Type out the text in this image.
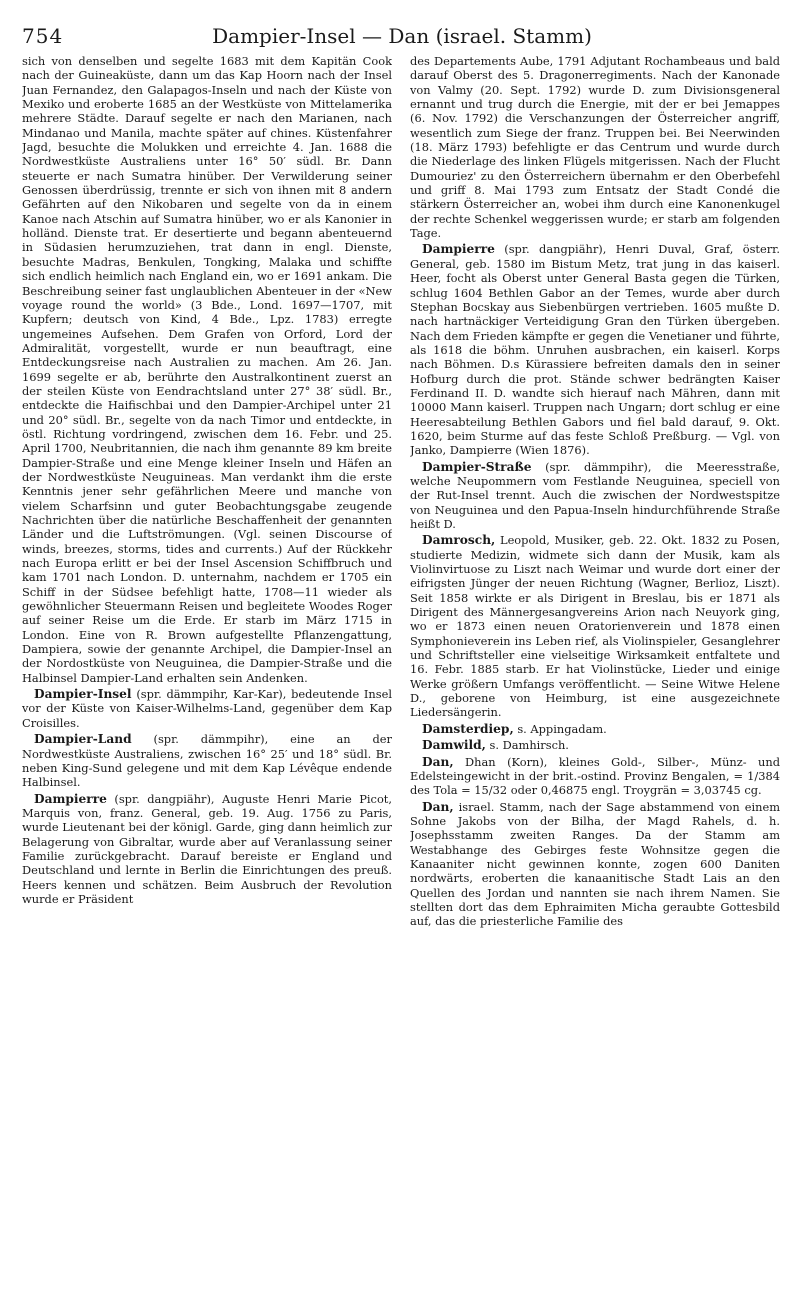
754	Dampier-Insel — Dan (israel. Stamm)

sich von denselben und segelte 1683 mit dem Kapitän Cook nach der Guineaküste, dann um das Kap Hoorn nach der Insel Juan Fernandez, den Galapagos-Inseln und nach der Küste von Mexiko und eroberte 1685 an der Westküste von Mittelamerika mehrere Städte. Darauf segelte er nach den Marianen, nach Mindanao und Manila, machte später auf chines. Küstenfahrer Jagd, besuchte die Molukken und erreichte 4. Jan. 1688 die Nordwestküste Australiens unter 16° 50′ südl. Br. Dann steuerte er nach Sumatra hinüber. Der Verwilderung seiner Genossen überdrüssig, trennte er sich von ihnen mit 8 andern Gefährten auf den Nikobaren und segelte von da in einem Kanoe nach Atschin auf Sumatra hinüber, wo er als Kanonier in holländ. Dienste trat. Er desertierte und begann abenteuernd in Südasien herumzuziehen, trat dann in engl. Dienste, besuchte Madras, Benkulen, Tongking, Malaka und schiffte sich endlich heimlich nach England ein, wo er 1691 ankam. Die Beschreibung seiner fast unglaublichen Abenteuer in der «New voyage round the world» (3 Bde., Lond. 1697—1707, mit Kupfern; deutsch von Kind, 4 Bde., Lpz. 1783) erregte ungemeines Aufsehen. Dem Grafen von Orford, Lord der Admiralität, vorgestellt, wurde er nun beauftragt, eine Entdeckungsreise nach Australien zu machen. Am 26. Jan. 1699 segelte er ab, berührte den Australkontinent zuerst an der steilen Küste von Eendrachtsland unter 27° 38′ südl. Br., entdeckte die Haifischbai und den Dampier-Archipel unter 21 und 20° südl. Br., segelte von da nach Timor und entdeckte, in östl. Richtung vordringend, zwischen dem 16. Febr. und 25. April 1700, Neubritannien, die nach ihm genannte 89 km breite Dampier-Straße und eine Menge kleiner Inseln und Häfen an der Nordwestküste Neuguineas. Man verdankt ihm die erste Kenntnis jener sehr gefährlichen Meere und manche von vielem Scharfsinn und guter Beobachtungsgabe zeugende Nachrichten über die natürliche Beschaffenheit der genannten Länder und die Luftströmungen. (Vgl. seinen Discourse of winds, breezes, storms, tides and currents.) Auf der Rückkehr nach Europa erlitt er bei der Insel Ascension Schiffbruch und kam 1701 nach London. D. unternahm, nachdem er 1705 ein Schiff in der Südsee befehligt hatte, 1708—11 wieder als gewöhnlicher Steuermann Reisen und begleitete Woodes Roger auf seiner Reise um die Erde. Er starb im März 1715 in London. Eine von R. Brown aufgestellte Pflanzengattung, Dampiera, sowie der genannte Archipel, die Dampier-Insel an der Nordostküste von Neuguinea, die Dampier-Straße und die Halbinsel Dampier-Land erhalten sein Andenken.

Dampier-Insel (spr. dämmpihr, Kar-Kar), bedeutende Insel vor der Küste von Kaiser-Wilhelms-Land, gegenüber dem Kap Croisilles.

Dampier-Land (spr. dämmpihr), eine an der Nordwestküste Australiens, zwischen 16° 25′ und 18° südl. Br. neben King-Sund gelegene und mit dem Kap Lévêque endende Halbinsel.

Dampierre (spr. dangpiähr), Auguste Henri Marie Picot, Marquis von, franz. General, geb. 19. Aug. 1756 zu Paris, wurde Lieutenant bei der königl. Garde, ging dann heimlich zur Belagerung von Gibraltar, wurde aber auf Veranlassung seiner Familie zurückgebracht. Darauf bereiste er England und Deutschland und lernte in Berlin die Einrichtungen des preuß. Heers kennen und schätzen. Beim Ausbruch der Revolution wurde er Präsident

des Departements Aube, 1791 Adjutant Rochambeaus und bald darauf Oberst des 5. Dragonerregiments. Nach der Kanonade von Valmy (20. Sept. 1792) wurde D. zum Divisionsgeneral ernannt und trug durch die Energie, mit der er bei Jemappes (6. Nov. 1792) die Verschanzungen der Österreicher angriff, wesentlich zum Siege der franz. Truppen bei. Bei Neerwinden (18. März 1793) befehligte er das Centrum und wurde durch die Niederlage des linken Flügels mitgerissen. Nach der Flucht Dumouriez' zu den Österreichern übernahm er den Oberbefehl und griff 8. Mai 1793 zum Entsatz der Stadt Condé die stärkern Österreicher an, wobei ihm durch eine Kanonenkugel der rechte Schenkel weggerissen wurde; er starb am folgenden Tage.

Dampierre (spr. dangpiähr), Henri Duval, Graf, österr. General, geb. 1580 im Bistum Metz, trat jung in das kaiserl. Heer, focht als Oberst unter General Basta gegen die Türken, schlug 1604 Bethlen Gabor an der Temes, wurde aber durch Stephan Bocskay aus Siebenbürgen vertrieben. 1605 mußte D. nach hartnäckiger Verteidigung Gran den Türken übergeben. Nach dem Frieden kämpfte er gegen die Venetianer und führte, als 1618 die böhm. Unruhen ausbrachen, ein kaiserl. Korps nach Böhmen. D.s Kürassiere befreiten damals den in seiner Hofburg durch die prot. Stände schwer bedrängten Kaiser Ferdinand II. D. wandte sich hierauf nach Mähren, dann mit 10000 Mann kaiserl. Truppen nach Ungarn; dort schlug er eine Heeresabteilung Bethlen Gabors und fiel bald darauf, 9. Okt. 1620, beim Sturme auf das feste Schloß Preßburg. — Vgl. von Janko, Dampierre (Wien 1876).

Dampier-Straße (spr. dämmpihr), die Meeresstraße, welche Neupommern vom Festlande Neuguinea, speciell von der Rut-Insel trennt. Auch die zwischen der Nordwestspitze von Neuguinea und den Papua-Inseln hindurchführende Straße heißt D.

Damrosch, Leopold, Musiker, geb. 22. Okt. 1832 zu Posen, studierte Medizin, widmete sich dann der Musik, kam als Violinvirtuose zu Liszt nach Weimar und wurde dort einer der eifrigsten Jünger der neuen Richtung (Wagner, Berlioz, Liszt). Seit 1858 wirkte er als Dirigent in Breslau, bis er 1871 als Dirigent des Männergesangvereins Arion nach Neuyork ging, wo er 1873 einen neuen Oratorienverein und 1878 einen Symphonieverein ins Leben rief, als Violinspieler, Gesanglehrer und Schriftsteller eine vielseitige Wirksamkeit entfaltete und 16. Febr. 1885 starb. Er hat Violinstücke, Lieder und einige Werke größern Umfangs veröffentlicht. — Seine Witwe Helene D., geborene von Heimburg, ist eine ausgezeichnete Liedersängerin.

Damsterdiep, s. Appingadam.

Damwild, s. Damhirsch.

Dan, Dhan (Korn), kleines Gold-, Silber-, Münz- und Edelsteingewicht in der brit.-ostind. Provinz Bengalen, = 1/384 des Tola = 15/32 oder 0,46875 engl. Troygrän = 3,03745 cg.

Dan, israel. Stamm, nach der Sage abstammend von einem Sohne Jakobs von der Bilha, der Magd Rahels, d. h. Josephsstamm zweiten Ranges. Da der Stamm am Westabhange des Gebirges feste Wohnsitze gegen die Kanaaniter nicht gewinnen konnte, zogen 600 Daniten nordwärts, eroberten die kanaanitische Stadt Lais an den Quellen des Jordan und nannten sie nach ihrem Namen. Sie stellten dort das dem Ephraimiten Micha geraubte Gottesbild auf, das die priesterliche Familie des
